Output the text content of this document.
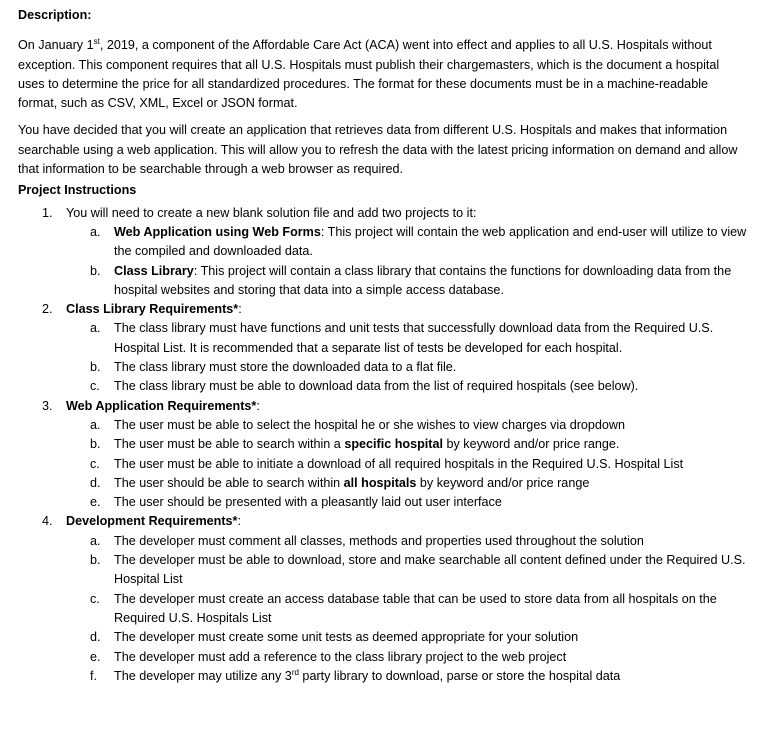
Description:

On January 1st, 2019, a component of the Affordable Care Act (ACA) went into effect and applies to all U.S. Hospitals without exception. This component requires that all U.S. Hospitals must publish their chargemasters, which is the document a hospital uses to determine the price for all standardized procedures. The format for these documents must be in a machine-readable format, such as CSV, XML, Excel or JSON format.

You have decided that you will create an application that retrieves data from different U.S. Hospitals and makes that information searchable using a web application. This will allow you to refresh the data with the latest pricing information on demand and allow that information to be searchable through a web browser as required.

Project Instructions

1.	You will need to create a new blank solution file and add two projects to it:
a.	Web Application using Web Forms: This project will contain the web application and end-user will utilize to view the compiled and downloaded data.
b.	Class Library: This project will contain a class library that contains the functions for downloading data from the hospital websites and storing that data into a simple access database.
2.	Class Library Requirements*:
a.	The class library must have functions and unit tests that successfully download data from the Required U.S. Hospital List. It is recommended that a separate list of tests be developed for each hospital.
b.	The class library must store the downloaded data to a flat file.
c.	The class library must be able to download data from the list of required hospitals (see below).
3.	Web Application Requirements*:
a.	The user must be able to select the hospital he or she wishes to view charges via dropdown
b.	The user must be able to search within a specific hospital by keyword and/or price range.
c.	The user must be able to initiate a download of all required hospitals in the Required U.S. Hospital List
d.	The user should be able to search within all hospitals by keyword and/or price range
e.	The user should be presented with a pleasantly laid out user interface
4.	Development Requirements*:
a.	The developer must comment all classes, methods and properties used throughout the solution
b.	The developer must be able to download, store and make searchable all content defined under the Required U.S. Hospital List
c.	The developer must create an access database table that can be used to store data from all hospitals on the Required U.S. Hospitals List
d.	The developer must create some unit tests as deemed appropriate for your solution
e.	The developer must add a reference to the class library project to the web project
f.	The developer may utilize any 3rd party library to download, parse or store the hospital data
